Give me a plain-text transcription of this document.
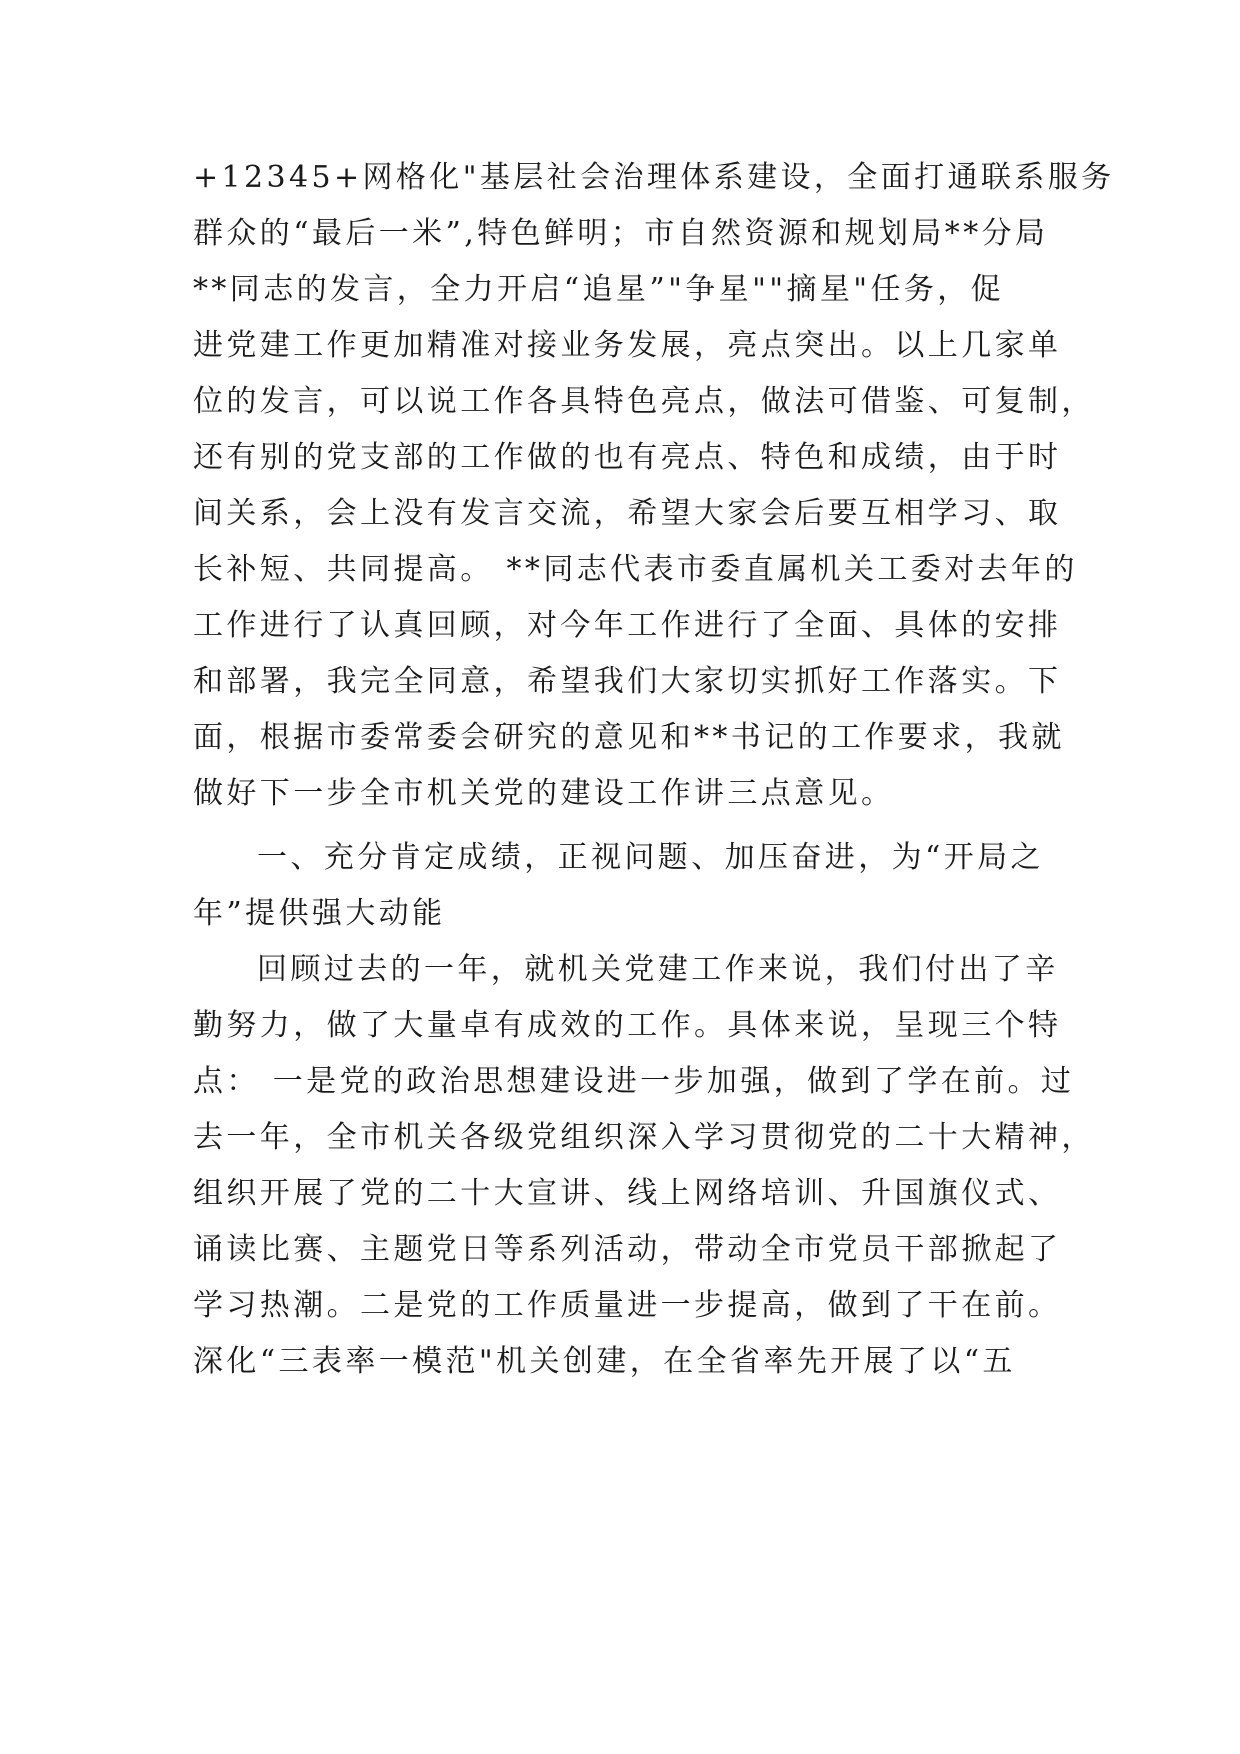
+12345+网格化"基层社会治理体系建设，全面打通联系服务
群众的“最后一米”,特色鲜明；市自然资源和规划局**分局
**同志的发言，全力开启“追星”"争星""摘星"任务，促
进党建工作更加精准对接业务发展，亮点突出。以上几家单
位的发言，可以说工作各具特色亮点，做法可借鉴、可复制，
还有别的党支部的工作做的也有亮点、特色和成绩，由于时
间关系，会上没有发言交流，希望大家会后要互相学习、取
长补短、共同提高。 **同志代表市委直属机关工委对去年的
工作进行了认真回顾，对今年工作进行了全面、具体的安排
和部署，我完全同意，希望我们大家切实抓好工作落实。下
面，根据市委常委会研究的意见和**书记的工作要求，我就
做好下一步全市机关党的建设工作讲三点意见。
一、充分肯定成绩，正视问题、加压奋进，为“开局之
年”提供强大动能
回顾过去的一年，就机关党建工作来说，我们付出了辛
勤努力，做了大量卓有成效的工作。具体来说，呈现三个特
点： 一是党的政治思想建设进一步加强，做到了学在前。过
去一年，全市机关各级党组织深入学习贯彻党的二十大精神，
组织开展了党的二十大宣讲、线上网络培训、升国旗仪式、
诵读比赛、主题党日等系列活动，带动全市党员干部掀起了
学习热潮。二是党的工作质量进一步提高，做到了干在前。
深化“三表率一模范"机关创建，在全省率先开展了以“五
